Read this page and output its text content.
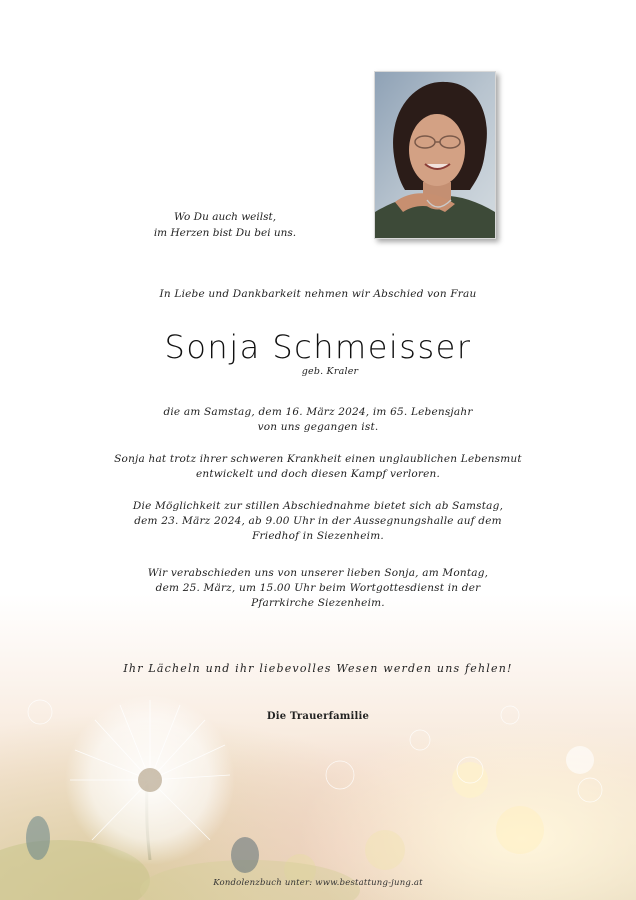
Wo Du auch weilst,
im Herzen bist Du bei uns.
In Liebe und Dankbarkeit nehmen wir Abschied von Frau
Sonja Schmeisser
geb. Kraler
die am Samstag, dem 16. März 2024, im 65. Lebensjahr
von uns gegangen ist.
Sonja hat trotz ihrer schweren Krankheit einen unglaublichen Lebensmut
entwickelt und doch diesen Kampf verloren.
Die Möglichkeit zur stillen Abschiednahme bietet sich ab Samstag,
dem 23. März 2024, ab 9.00 Uhr in der Aussegnungshalle auf dem
Friedhof in Siezenheim.
Wir verabschieden uns von unserer lieben Sonja, am Montag,
dem 25. März, um 15.00 Uhr beim Wortgottesdienst in der
Pfarrkirche Siezenheim.
Ihr Lächeln und ihr liebevolles Wesen werden uns fehlen!
Die Trauerfamilie
Kondolenzbuch unter: www.bestattung-jung.at
